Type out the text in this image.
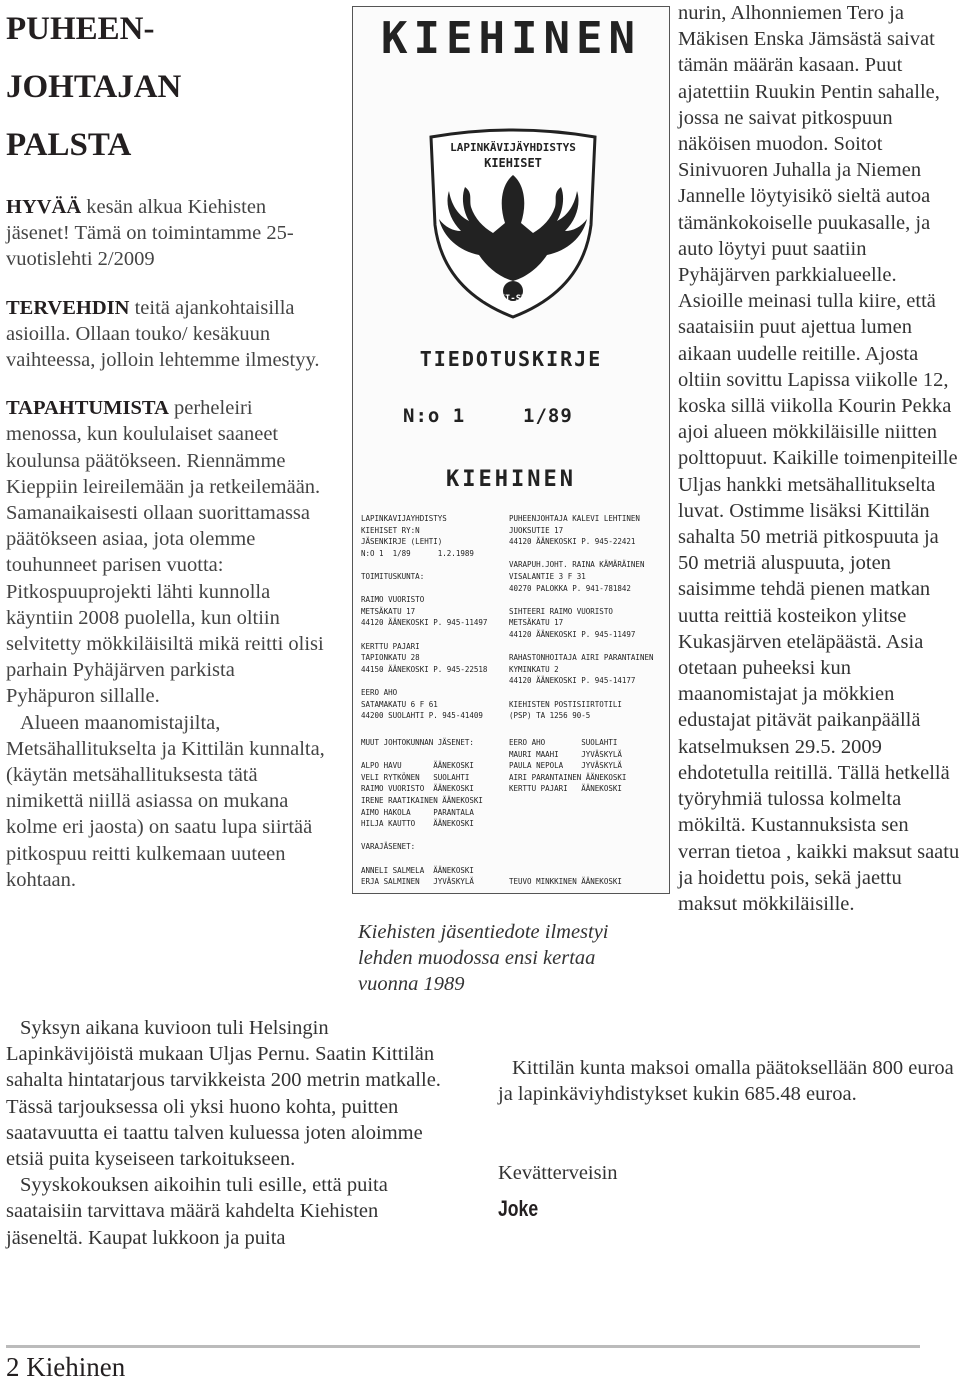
PUHEEN-
JOHTAJAN
PALSTA

HYVÄÄ kesän alkua Kiehisten jäsenet! Tämä on toimintamme 25-vuotislehti 2/2009

TERVEHDIN teitä ajankohtaisilla asioilla. Ollaan touko/ kesäkuun vaihteessa, jolloin lehtemme ilmestyy.

TAPAHTUMISTA perheleiri menossa, kun koululaiset saaneet koulunsa päätökseen. Riennämme Kieppiin leireilemään ja retkeilemään. Samanaikaisesti ollaan suorittamassa päätökseen asiaa, jota olemme touhunneet parisen vuotta: Pitkospuuprojekti lähti kunnolla käyntiin 2008 puolella, kun oltiin selvitetty mökkiläisiltä mikä reitti olisi parhain Pyhäjärven parkista Pyhäpuron sillalle.

Alueen maanomistajilta, Metsähallitukselta ja Kittilän kunnalta, (käytän metsähallituksesta tätä nimikettä niillä asiassa on mukana kolme eri jaosta) on saatu lupa siirtää pitkospuu reitti kulkemaan uuteen kohtaan.

Syksyn aikana kuvioon tuli Helsingin Lapinkävijöistä mukaan Uljas Pernu. Saatin Kittilän sahalta hintatarjous tarvikkeista 200 metrin matkalle. Tässä tarjouksessa oli yksi huono kohta, puitten saatavuutta ei taattu talven kuluessa joten aloimme etsiä puita kyseiseen tarkoitukseen.

Syyskokouksen aikoihin tuli esille, että puita saataisiin tarvittava määrä kahdelta Kiehisten jäseneltä. Kaupat lukkoon ja puita

KIEHINEN
LAPINKÄVIJÄYHDISTYS
KIEHISET
KESKI-SUOMI
TIEDOTUSKIRJE
N:o 1	1/89
KIEHINEN
LAPINKAVIJAYHDISTYS
KIEHISET RY:N
JÄSENKIRJE (LEHTI)
N:O 1  1/89      1.2.1989

TOIMITUSKUNTA:

RAIMO VUORISTO
METSÄKATU 17
44120 ÄÄNEKOSKI P. 945-11497

KERTTU PAJARI
TAPIONKATU 28
44150 ÄÄNEKOSKI P. 945-22518

EERO AHO
SATAMAKATU 6 F 61
44200 SUOLAHTI P. 945-41409
PUHEENJOHTAJA KALEVI LEHTINEN
JUOKSUTIE 17
44120 ÄÄNEKOSKI P. 945-22421

VARAPUH.JOHT. RAINA KÄMÄRÄINEN
VISALANTIE 3 F 31
40270 PALOKKA P. 941-781842

SIHTEERI RAIMO VUORISTO
METSÄKATU 17
44120 ÄÄNEKOSKI P. 945-11497

RAHASTONHOITAJA AIRI PARANTAINEN
KYMINKATU 2
44120 ÄÄNEKOSKI P. 945-14177

KIEHISTEN POSTISIIRTOTILI
(PSP) TA 1256 90-5
MUUT JOHTOKUNNAN JÄSENET:

ALPO HAVU       ÄÄNEKOSKI
VELI RYTKÖNEN   SUOLAHTI
RAIMO VUORISTO  ÄÄNEKOSKI
IRENE RAATIKAINEN ÄÄNEKOSKI
AIMO HAKOLA     PARANTALA
HILJA KAUTTO    ÄÄNEKOSKI

VARAJÄSENET:

ANNELI SALMELA  ÄÄNEKOSKI
ERJA SALMINEN   JYVÄSKYLÄ
EERO AHO        SUOLAHTI
MAURI MAAHI     JYVÄSKYLÄ
PAULA NEPOLA    JYVÄSKYLÄ
AIRI PARANTAINEN ÄÄNEKOSKI
KERTTU PAJARI   ÄÄNEKOSKI

TEUVO MINKKINEN ÄÄNEKOSKI
Kiehisten jäsentiedote ilmestyi lehden muodossa ensi kertaa vuonna 1989

nurin, Alhonniemen Tero ja Mäkisen Enska Jämsästä saivat tämän määrän kasaan. Puut ajatettiin Ruukin Pentin sahalle, jossa ne saivat pitkospuun näköisen muodon. Soitot Sinivuoren Juhalla ja Niemen Jannelle löytyisikö sieltä autoa tämänkokoiselle puukasalle, ja auto löytyi puut saatiin Pyhäjärven parkkialueelle. Asioille meinasi tulla kiire, että saataisiin puut ajettua lumen aikaan uudelle reitille. Ajosta oltiin sovittu Lapissa viikolle 12, koska sillä viikolla Kourin Pekka ajoi alueen mökkiläisille niitten polttopuut. Kaikille toimenpiteille Uljas hankki metsähallitukselta luvat. Ostimme lisäksi Kittilän sahalta 50 metriä pitkospuuta ja 50 metriä aluspuuta, joten saisimme tehdä pienen matkan uutta reittiä kosteikon ylitse Kukasjärven eteläpäästä. Asia otetaan puheeksi kun maanomistajat ja mökkien edustajat pitävät paikanpäällä katselmuksen 29.5. 2009 ehdotetulla reitillä. Tällä hetkellä työryhmiä tulossa kolmelta mökiltä. Kustannuksista sen verran tietoa , kaikki maksut saatu ja hoidettu pois, sekä jaettu maksut mökkiläisille.

Kittilän kunta maksoi omalla päätoksellään 800 euroa ja lapinkäviyhdistykset kukin 685.48 euroa.

Kevätterveisin
Joke
2 Kiehinen
